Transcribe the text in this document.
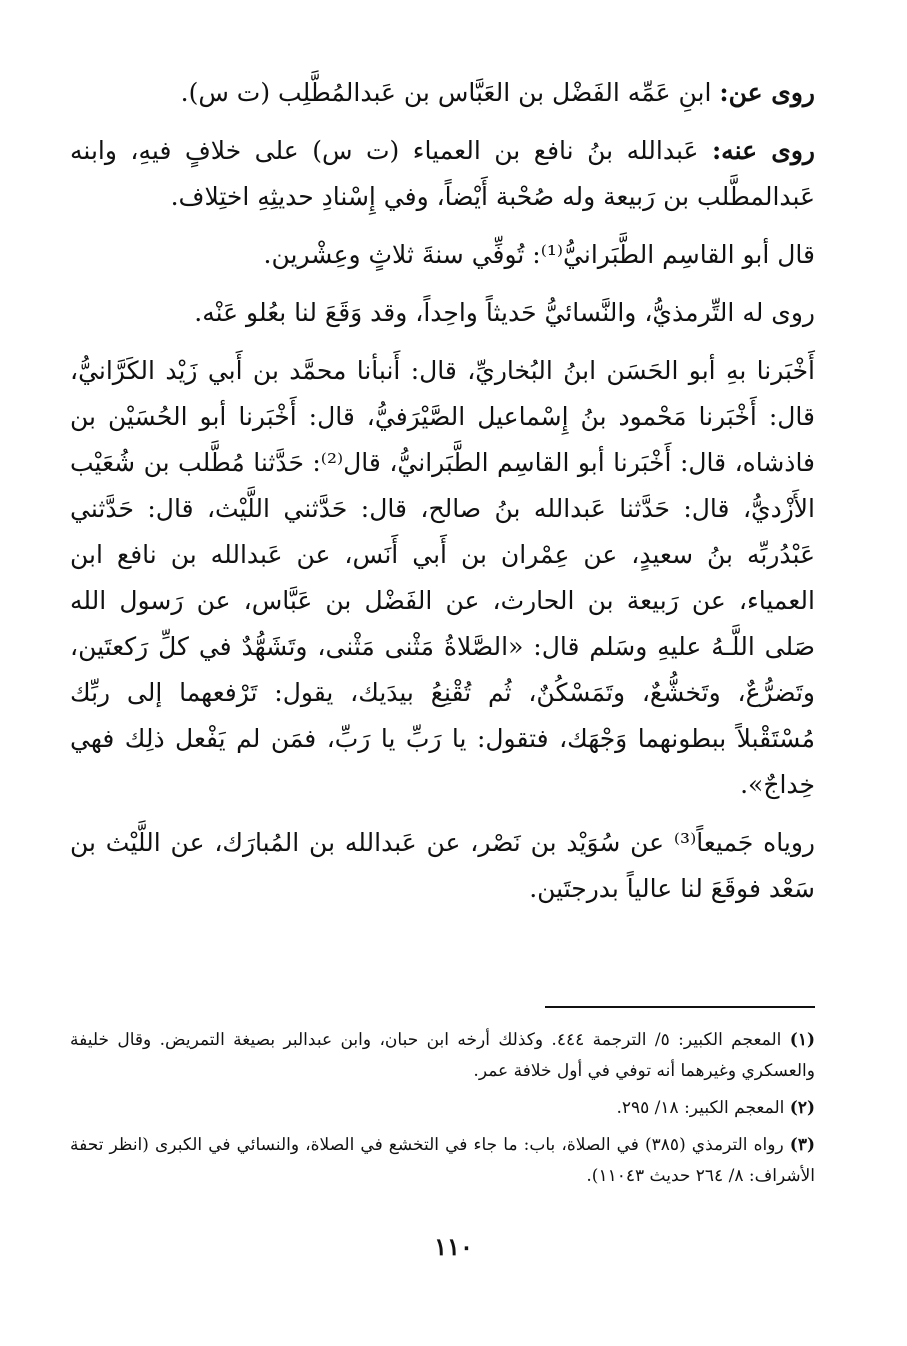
روى عن: ابنِ عَمِّه الفَضْل بن العَبَّاس بن عَبدالمُطَّلِب (ت س).

روى عنه: عَبدالله بنُ نافع بن العمياء (ت س) على خلافٍ فيهِ، وابنه عَبدالمطَّلب بن رَبيعة وله صُحْبة أَيْضاً، وفي إِسْنادِ حديثِهِ اختِلاف.

قال أبو القاسِم الطَّبَرانيُّ⁽¹⁾: تُوفِّي سنةَ ثلاثٍ وعِشْرين.

روى له التِّرمذيُّ، والنَّسائيُّ حَديثاً واحِداً، وقد وَقَعَ لنا بعُلو عَنْه.

أَخْبَرنا بهِ أبو الحَسَن ابنُ البُخاريِّ، قال: أَنبأنا محمَّد بن أَبي زَيْد الكَرَّانيُّ، قال: أَخْبَرنا مَحْمود بنُ إِسْماعيل الصَّيْرَفيُّ، قال: أَخْبَرنا أبو الحُسَيْن بن فاذشاه، قال: أَخْبَرنا أبو القاسِم الطَّبَرانيُّ، قال⁽²⁾: حَدَّثنا مُطَّلب بن شُعَيْب الأَزْديُّ، قال: حَدَّثنا عَبدالله بنُ صالح، قال: حَدَّثني اللَّيْث، قال: حَدَّثني عَبْدُربِّه بنُ سعيدٍ، عن عِمْران بن أَبي أَنَس، عن عَبدالله بن نافع ابن العمياء، عن رَبيعة بن الحارث، عن الفَضْل بن عَبَّاس، عن رَسول الله صَلى اللَّـهُ عليهِ وسَلم قال: «الصَّلاةُ مَثْنى مَثْنى، وتَشَهُّدٌ في كلِّ رَكعتَين، وتَضرُّعٌ، وتَخشُّعٌ، وتَمَسْكُنٌ، ثُم تُقْنِعُ بيدَيك، يقول: تَرْفعهما إلى ربِّك مُسْتَقْبلاً ببطونهما وَجْهَك، فتقول: يا رَبِّ يا رَبِّ، فمَن لم يَفْعل ذلِك فهي خِداجٌ».

روياه جَميعاً⁽³⁾ عن سُوَيْد بن نَصْر، عن عَبدالله بن المُبارَك، عن اللَّيْث بن سَعْد فوقَعَ لنا عالياً بدرجتَين.

(١) المعجم الكبير: ٥/ الترجمة ٤٤٤. وكذلك أرخه ابن حبان، وابن عبدالبر بصيغة التمريض. وقال خليفة والعسكري وغيرهما أنه توفي في أول خلافة عمر.

(٢) المعجم الكبير: ١٨/ ٢٩٥.

(٣) رواه الترمذي (٣٨٥) في الصلاة، باب: ما جاء في التخشع في الصلاة، والنسائي في الكبرى (انظر تحفة الأشراف: ٨/ ٢٦٤ حديث ١١٠٤٣).

١١٠
